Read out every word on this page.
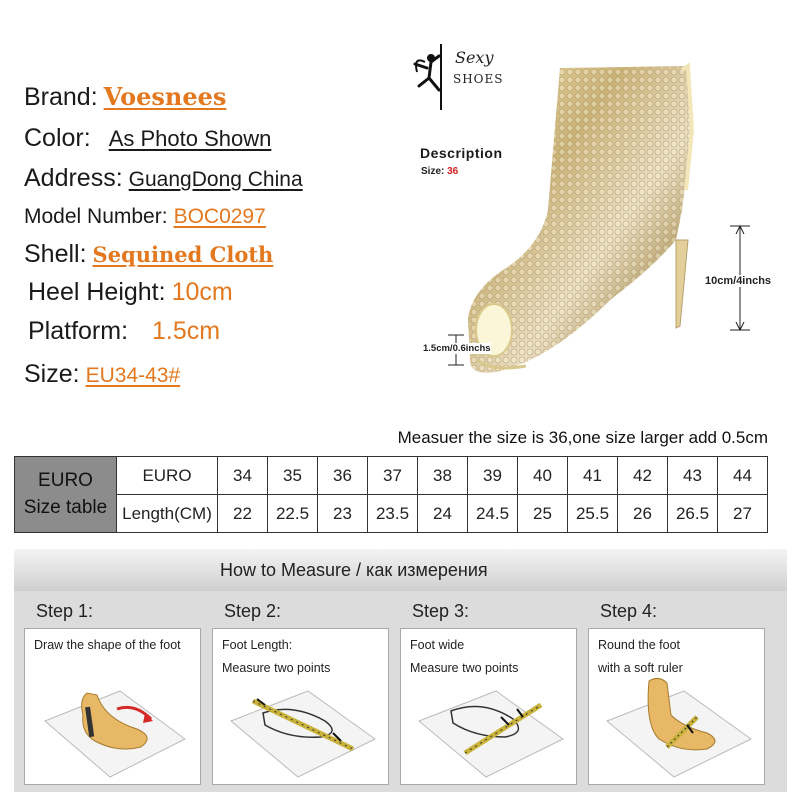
Brand: Voesnees
Color: As Photo Shown
Address: GuangDong China
Model Number: BOC0297
Shell: Sequined Cloth
Heel Height: 10cm
Platform: 1.5cm
Size: EU34-43#
Sexy
SHOES
Description
Size: 36
10cm/4inchs
1.5cm/0.6inchs
Measuer the size is 36,one size larger add 0.5cm
EURO
Size table	EURO	34	35	36	37	38	39	40	41	42	43	44
	Length(CM)	22	22.5	23	23.5	24	24.5	25	25.5	26	26.5	27
How to Measure / как измерения
Step 1:	Step 2:	Step 3:	Step 4:
Draw the shape of the foot	Foot Length:
Measure two points
Foot wide
Measure two points
Round the foot
with a soft ruler
